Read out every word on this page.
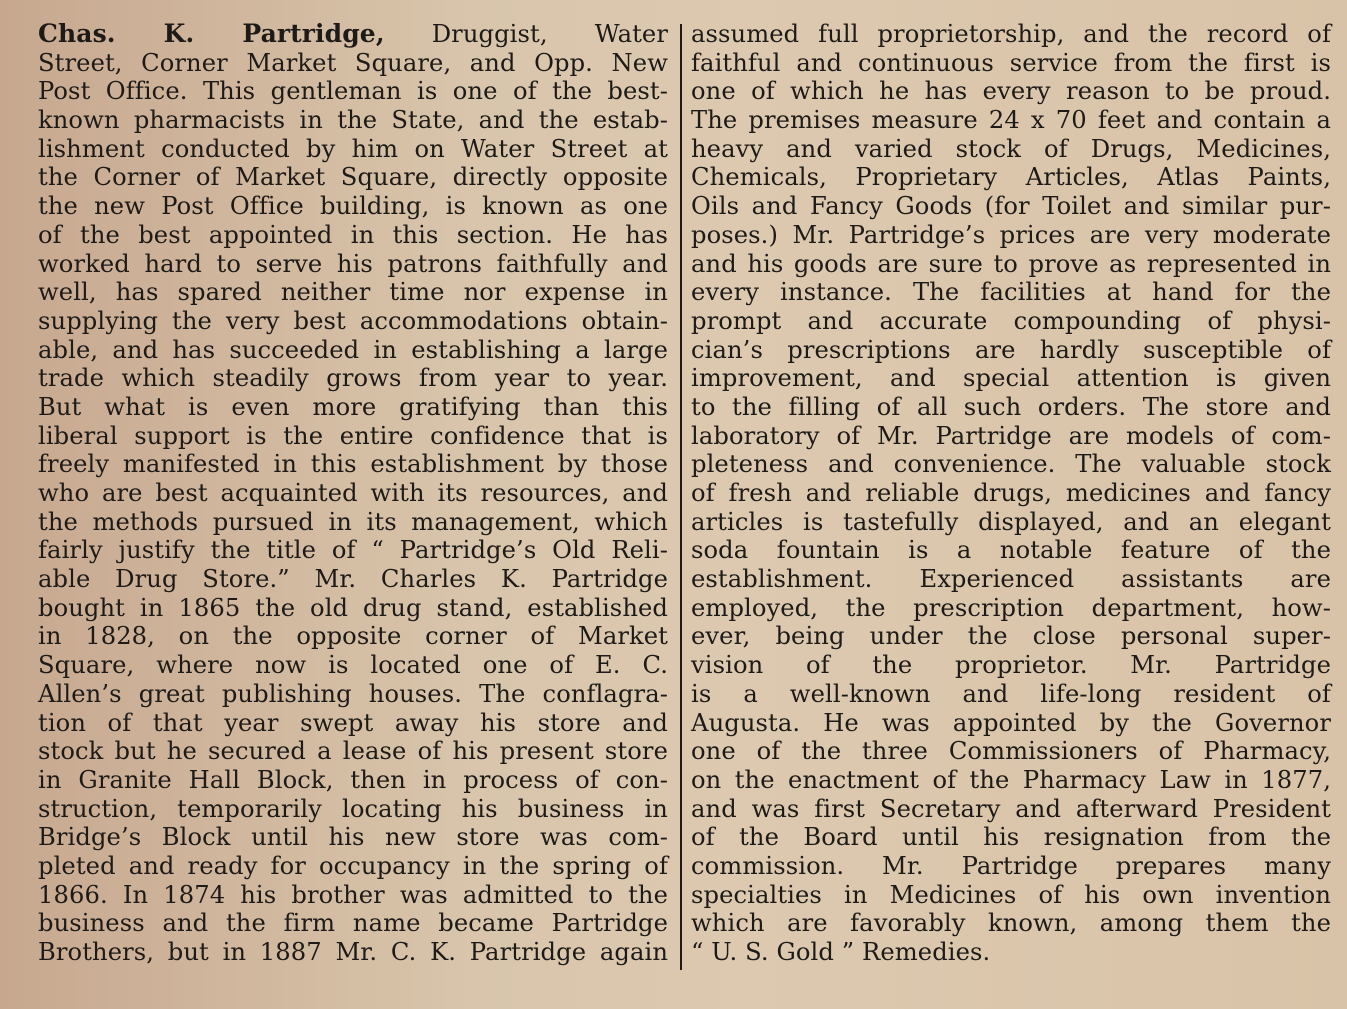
Chas. K. Partridge, Druggist, Water
Street, Corner Market Square, and Opp. New
Post Office. This gentleman is one of the best-
known pharmacists in the State, and the estab-
lishment conducted by him on Water Street at
the Corner of Market Square, directly opposite
the new Post Office building, is known as one
of the best appointed in this section. He has
worked hard to serve his patrons faithfully and
well, has spared neither time nor expense in
supplying the very best accommodations obtain-
able, and has succeeded in establishing a large
trade which steadily grows from year to year.
But what is even more gratifying than this
liberal support is the entire confidence that is
freely manifested in this establishment by those
who are best acquainted with its resources, and
the methods pursued in its management, which
fairly justify the title of “ Partridge’s Old Reli-
able Drug Store.” Mr. Charles K. Partridge
bought in 1865 the old drug stand, established
in 1828, on the opposite corner of Market
Square, where now is located one of E. C.
Allen’s great publishing houses. The conflagra-
tion of that year swept away his store and
stock but he secured a lease of his present store
in Granite Hall Block, then in process of con-
struction, temporarily locating his business in
Bridge’s Block until his new store was com-
pleted and ready for occupancy in the spring of
1866. In 1874 his brother was admitted to the
business and the firm name became Partridge
Brothers, but in 1887 Mr. C. K. Partridge again
assumed full proprietorship, and the record of
faithful and continuous service from the first is
one of which he has every reason to be proud.
The premises measure 24 x 70 feet and contain a
heavy and varied stock of Drugs, Medicines,
Chemicals, Proprietary Articles, Atlas Paints,
Oils and Fancy Goods (for Toilet and similar pur-
poses.) Mr. Partridge’s prices are very moderate
and his goods are sure to prove as represented in
every instance. The facilities at hand for the
prompt and accurate compounding of physi-
cian’s prescriptions are hardly susceptible of
improvement, and special attention is given
to the filling of all such orders. The store and
laboratory of Mr. Partridge are models of com-
pleteness and convenience. The valuable stock
of fresh and reliable drugs, medicines and fancy
articles is tastefully displayed, and an elegant
soda fountain is a notable feature of the
establishment. Experienced assistants are
employed, the prescription department, how-
ever, being under the close personal super-
vision of the proprietor. Mr. Partridge
is a well-known and life-long resident of
Augusta. He was appointed by the Governor
one of the three Commissioners of Pharmacy,
on the enactment of the Pharmacy Law in 1877,
and was first Secretary and afterward President
of the Board until his resignation from the
commission. Mr. Partridge prepares many
specialties in Medicines of his own invention
which are favorably known, among them the
“ U. S. Gold ” Remedies.
